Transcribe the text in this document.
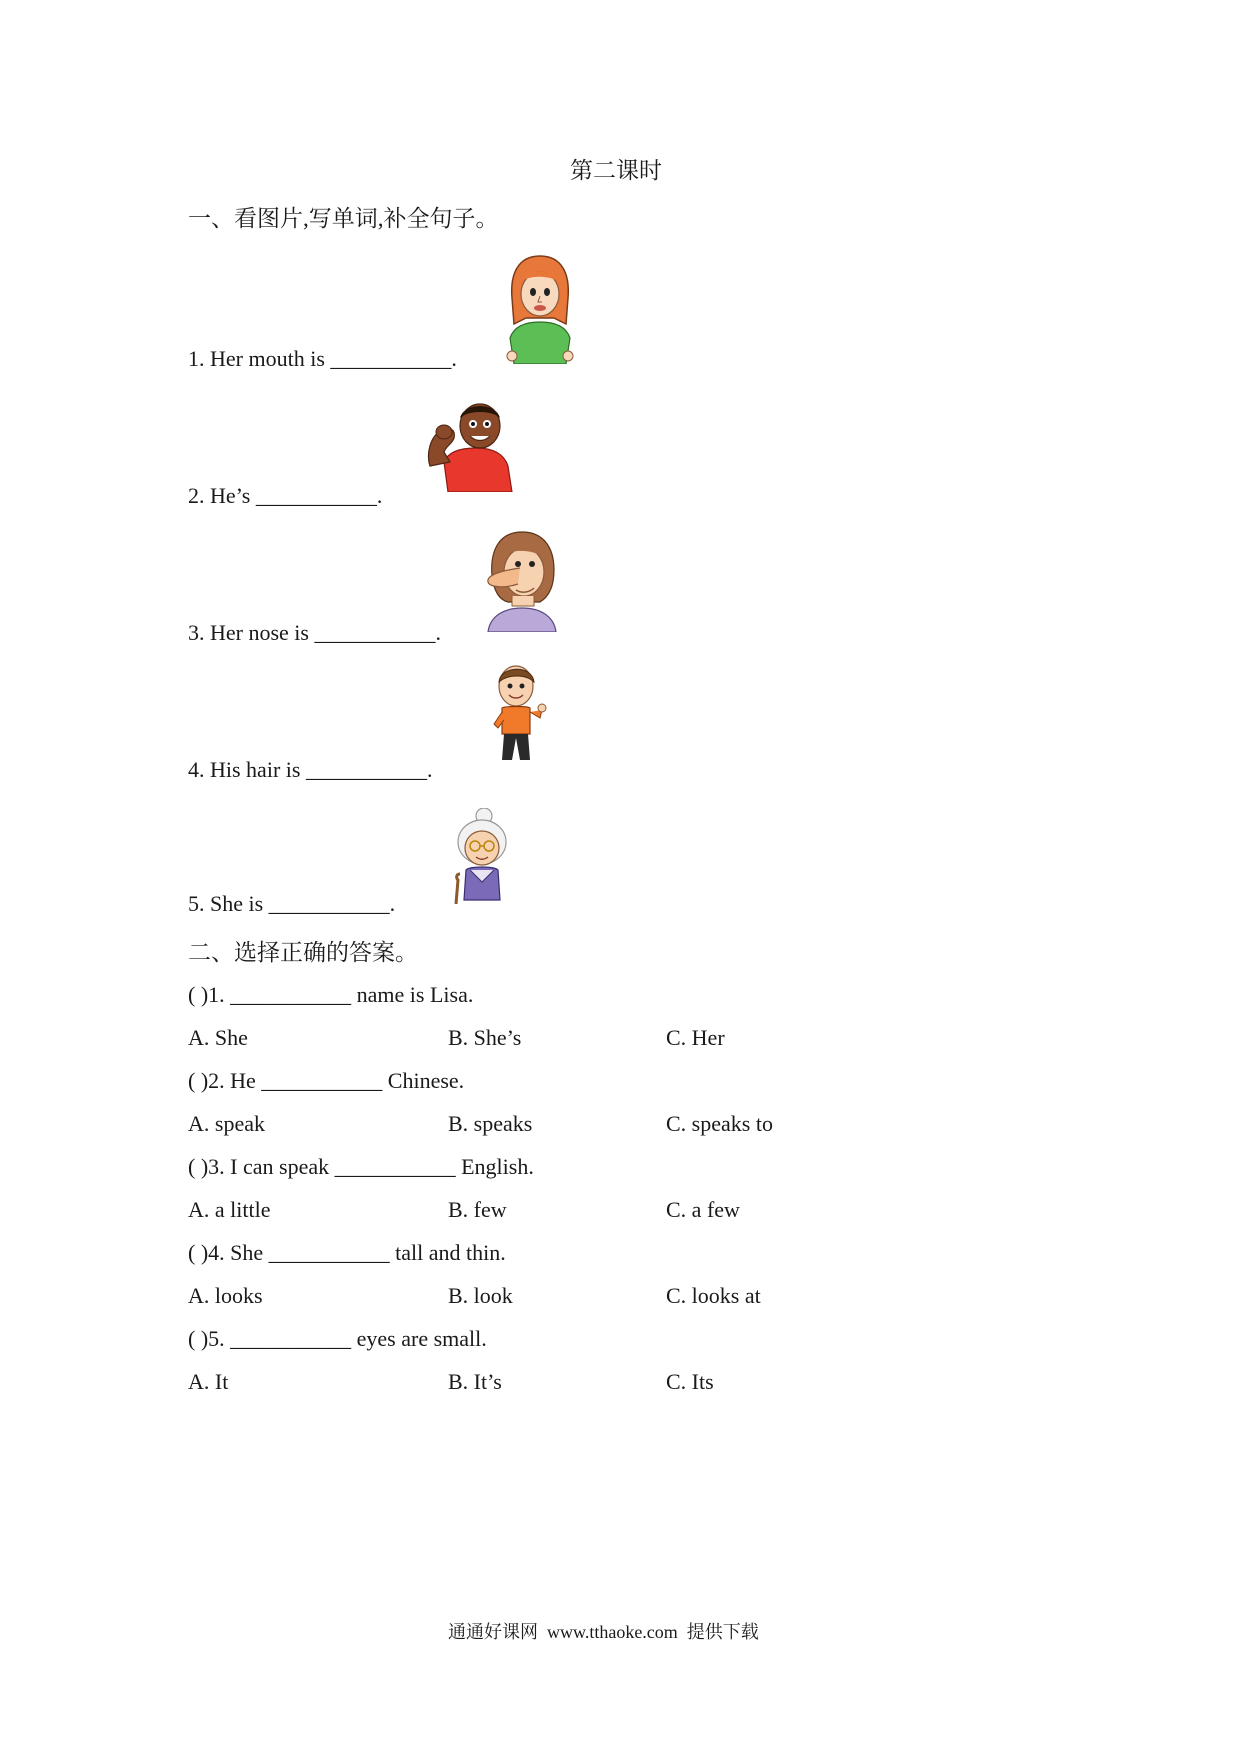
第二课时
一、看图片,写单词,补全句子。
1. Her mouth is ___________.
2. He’s ___________.
3. Her nose is ___________.
4. His hair is ___________.
5. She is ___________.
二、选择正确的答案。
( )1. ___________ name is Lisa.
A. She	B. She’s	C. Her
( )2. He ___________ Chinese.
A. speak	B. speaks	C. speaks to
( )3. I can speak ___________ English.
A. a little	B. few	C. a few
( )4. She ___________ tall and thin.
A. looks	B. look	C. looks at
( )5. ___________ eyes are small.
A. It	B. It’s	C. Its
通通好课网  www.tthaoke.com  提供下载
